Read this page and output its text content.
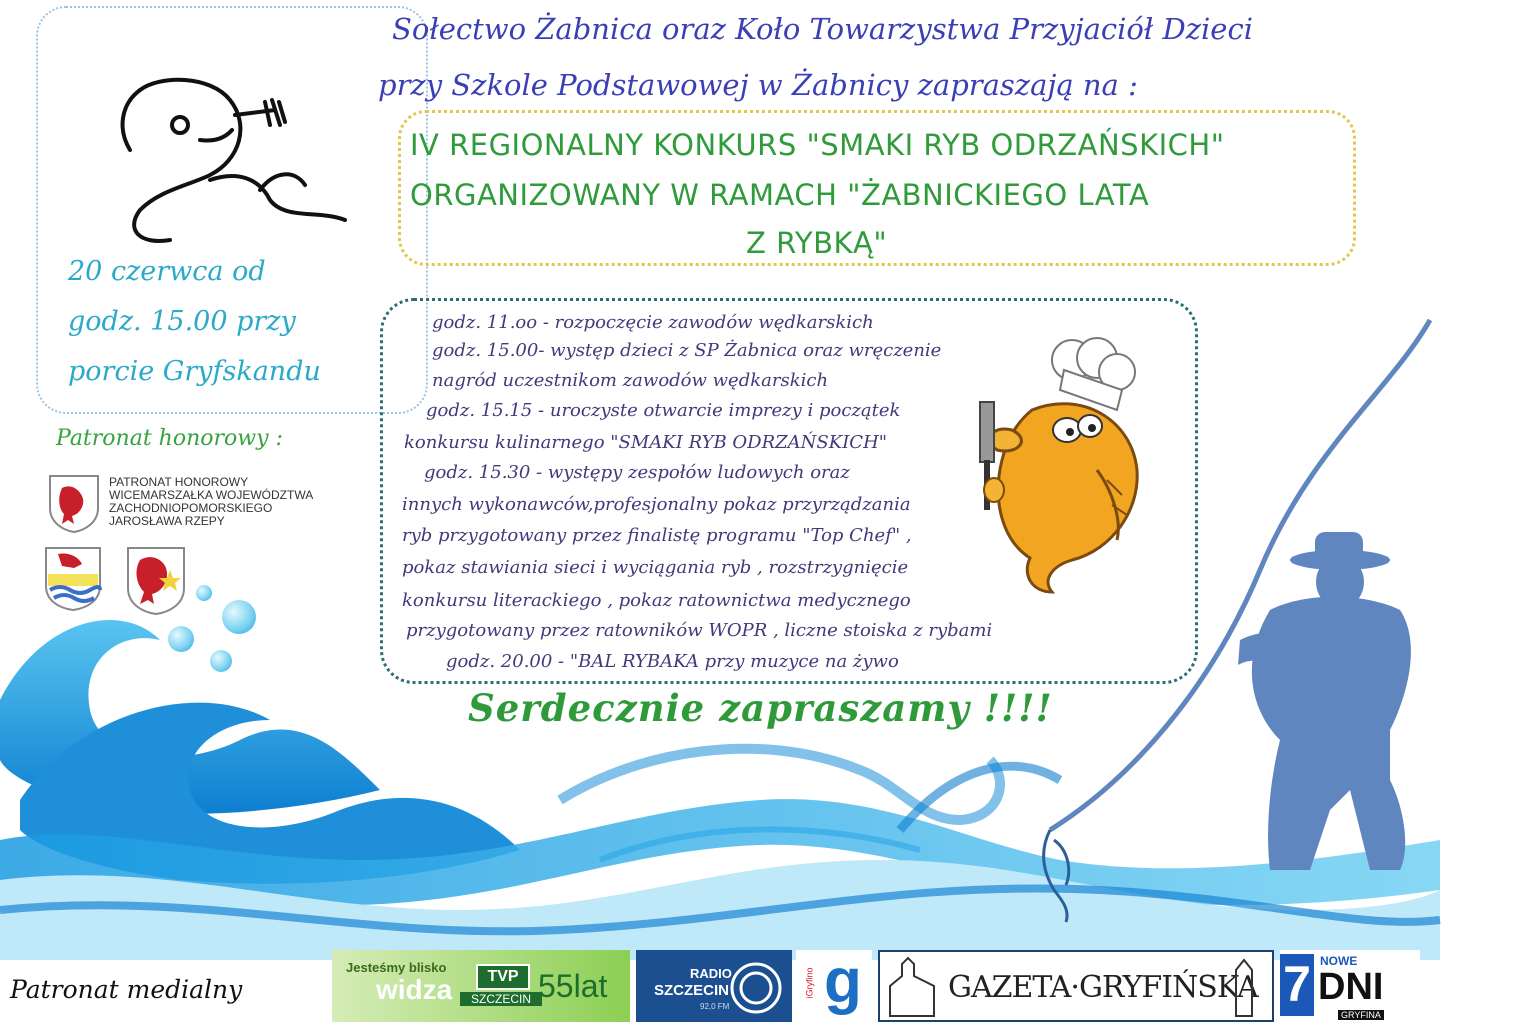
20 czerwca od
godz. 15.00 przy
porcie Gryfskandu
Sołectwo Żabnica oraz Koło Towarzystwa Przyjaciół Dzieci
przy Szkole Podstawowej w Żabnicy zapraszają na :
IV REGIONALNY KONKURS "SMAKI RYB ODRZAŃSKICH"
ORGANIZOWANY W RAMACH "ŻABNICKIEGO LATA
Z RYBKĄ"
godz. 11.oo - rozpoczęcie zawodów wędkarskich
godz. 15.00- występ dzieci z SP Żabnica oraz wręczenie
nagród uczestnikom zawodów wędkarskich
godz. 15.15 - uroczyste otwarcie imprezy i początek
konkursu kulinarnego "SMAKI RYB ODRZAŃSKICH"
godz. 15.30 - występy zespołów ludowych oraz
innych wykonawców,profesjonalny pokaz przyrządzania
ryb przygotowany przez finalistę programu "Top Chef" ,
pokaz stawiania sieci i wyciągania ryb , rozstrzygnięcie
konkursu literackiego , pokaz ratownictwa medycznego
przygotowany przez ratowników WOPR , liczne stoiska z rybami
godz. 20.00 - "BAL RYBAKA przy muzyce na żywo
Patronat honorowy :
PATRONAT HONOROWY
WICEMARSZAŁKA WOJEWÓDZTWA
ZACHODNIOPOMORSKIEGO
JAROSŁAWA RZEPY
Serdecznie zapraszamy !!!!
Patronat medialny
Jesteśmy blisko
widza	TVP
SZCZECIN 55lat	RADIO
SZCZECIN
92,0 FM
iGryfino g	GAZETA·GRYFIŃSKA 7 NOWE
DNI
GRYFINA
